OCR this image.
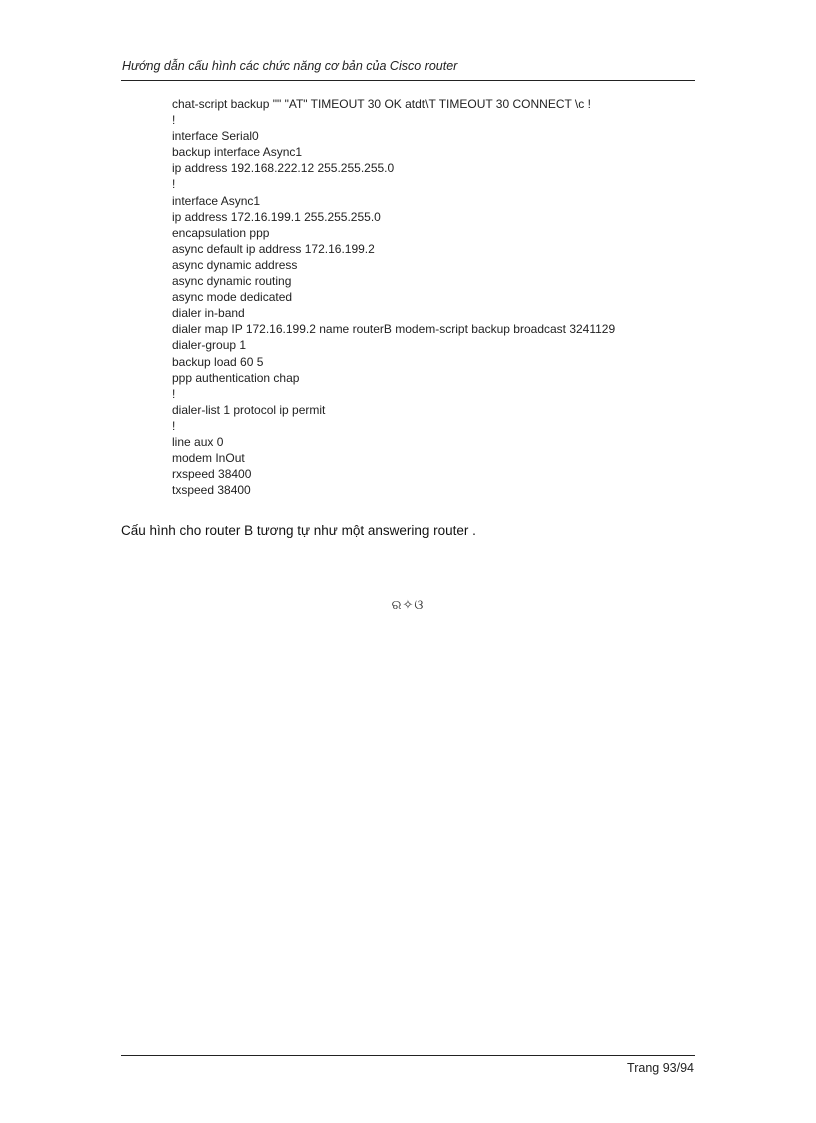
Hướng dẫn cấu hình các chức năng cơ bản của Cisco router
chat-script backup "" "AT" TIMEOUT 30 OK atdt\T TIMEOUT 30 CONNECT \c !
!
interface Serial0
backup interface Async1
ip address 192.168.222.12 255.255.255.0
!
interface Async1
ip address 172.16.199.1 255.255.255.0
encapsulation ppp
async default ip address 172.16.199.2
async dynamic address
async dynamic routing
async mode dedicated
dialer in-band
dialer map IP 172.16.199.2 name routerB modem-script backup broadcast 3241129
dialer-group 1
backup load 60 5
ppp authentication chap
!
dialer-list 1 protocol ip permit
!
line aux 0
modem InOut
rxspeed 38400
txspeed 38400
Cấu hình cho router B tương tự như một answering router .
ର✧ଓ
Trang 93/94
